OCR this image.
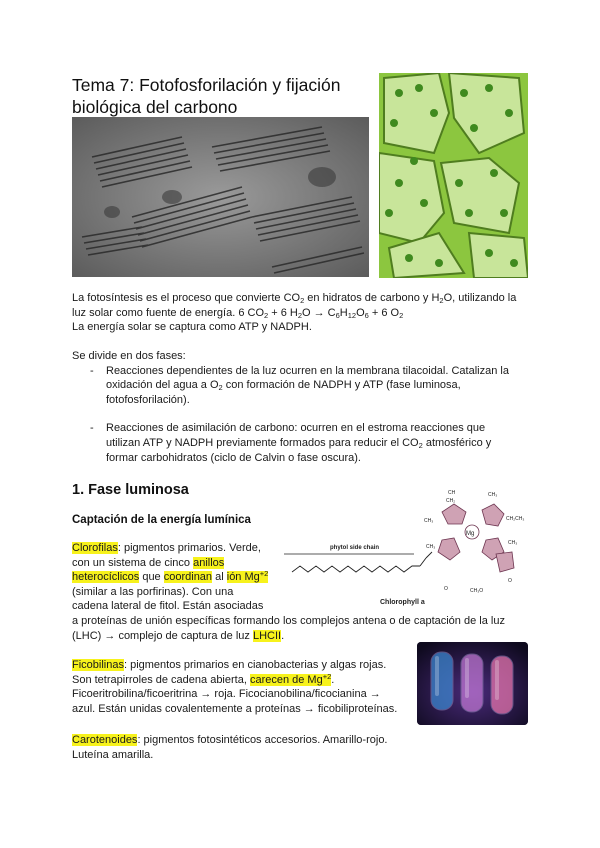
Tema 7: Fotofosforilación y fijación
biológica del carbono
La fotosíntesis es el proceso que convierte $CO_2$ en hidratos de carbono y $H_2O$, utilizando la
luz solar como fuente de energía. 6 $CO_2 + 6$ $H_2O \to C_6H_{12}O_6 + 6$ $O_2$
La energía solar se captura como ATP y NADPH.
Se divide en dos fases:
- Reacciones dependientes de la luz ocurren en la membrana tilacoidal. Catalizan la
oxidación del agua a $O_2$ con formación de NADPH y ATP (fase luminosa,
fotofosforilación).
- Reacciones de asimilación de carbono: ocurren en el estroma reacciones que
utilizan ATP y NADPH previamente formados para reducir el $CO_2$ atmosférico y
formar carbohidratos (ciclo de Calvin o fase oscura).
1. Fase luminosa
Captación de la energía lumínica
phytol side chain
Mg
CH
CH₂
CH₃
CH₃	CH₂CH₃
CH₃
CH₃
O	CH₃O
O
Chlorophyll a
Clorofilas: pigmentos primarios. Verde,
con un sistema de cinco anillos
heterocíclicos que coordinan al ión $Mg^{+2}$
(similar a las porfirinas). Con una
cadena lateral de fitol. Están asociadas
a proteínas de unión específicas formando los complejos antena o de captación de la luz
(LHC) → complejo de captura de luz LHCII.
Ficobilinas: pigmentos primarios en cianobacterias y algas rojas.
Son tetrapirroles de cadena abierta, carecen de $Mg^{+2}$.
Ficoeritrobilina/ficoeritrina → roja. Ficocianobilina/ficocianina →
azul. Están unidas covalentemente a proteínas → ficobiliproteínas.
Carotenoides: pigmentos fotosintéticos accesorios. Amarillo-rojo.
Luteína amarilla.
